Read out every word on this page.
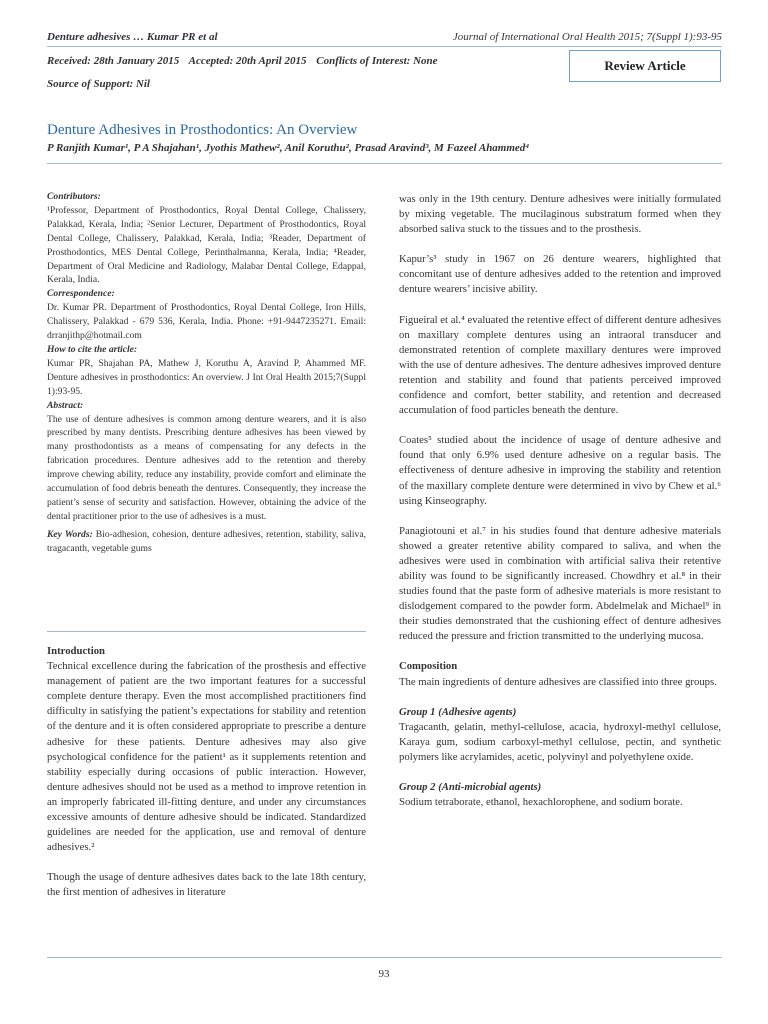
Denture adhesives … Kumar PR et al	Journal of International Oral Health 2015; 7(Suppl 1):93-95
Received: 28th January 2015 Accepted: 20th April 2015 Conflicts of Interest: None
Source of Support: Nil
Review Article
Denture Adhesives in Prosthodontics: An Overview
P Ranjith Kumar¹, P A Shajahan¹, Jyothis Mathew², Anil Koruthu², Prasad Aravind³, M Fazeel Ahammed⁴

Contributors:

¹Professor, Department of Prosthodontics, Royal Dental College, Chalissery, Palakkad, Kerala, India; ²Senior Lecturer, Department of Prosthodontics, Royal Dental College, Chalissery, Palakkad, Kerala, India; ³Reader, Department of Prosthodontics, MES Dental College, Perinthalmanna, Kerala, India; ⁴Reader, Department of Oral Medicine and Radiology, Malabar Dental College, Edappal, Kerala, India.

Correspondence:

Dr. Kumar PR. Department of Prosthodontics, Royal Dental College, Iron Hills, Chalissery, Palakkad - 679 536, Kerala, India. Phone: +91-9447235271. Email: drranjithp@hotmail.com

How to cite the article:

Kumar PR, Shajahan PA, Mathew J, Koruthu A, Aravind P, Ahammed MF. Denture adhesives in prosthodontics: An overview. J Int Oral Health 2015;7(Suppl 1):93-95.

Abstract:

The use of denture adhesives is common among denture wearers, and it is also prescribed by many dentists. Prescribing denture adhesives has been viewed by many prosthodontists as a means of compensating for any defects in the fabrication procedures. Denture adhesives add to the retention and thereby improve chewing ability, reduce any instability, provide comfort and eliminate the accumulation of food debris beneath the dentures. Consequently, they increase the patient’s sense of security and satisfaction. However, obtaining the advice of the dental practitioner prior to the use of adhesives is a must.

Key Words: Bio-adhesion, cohesion, denture adhesives, retention, stability, saliva, tragacanth, vegetable gums

Introduction

Technical excellence during the fabrication of the prosthesis and effective management of patient are the two important features for a successful complete denture therapy. Even the most accomplished practitioners find difficulty in satisfying the patient’s expectations for stability and retention of the denture and it is often considered appropriate to prescribe a denture adhesive for these patients. Denture adhesives may also give psychological confidence for the patient¹ as it supplements retention and stability especially during occasions of public interaction. However, denture adhesives should not be used as a method to improve retention in an improperly fabricated ill-fitting denture, and under any circumstances excessive amounts of denture adhesive should be indicated. Standardized guidelines are needed for the application, use and removal of denture adhesives.²

Though the usage of denture adhesives dates back to the late 18th century, the first mention of adhesives in literature

was only in the 19th century. Denture adhesives were initially formulated by mixing vegetable. The mucilaginous substratum formed when they absorbed saliva stuck to the tissues and to the prosthesis.

Kapur’s³ study in 1967 on 26 denture wearers, highlighted that concomitant use of denture adhesives added to the retention and improved denture wearers’ incisive ability.

Figueiral et al.⁴ evaluated the retentive effect of different denture adhesives on maxillary complete dentures using an intraoral transducer and demonstrated retention of complete maxillary dentures were improved with the use of denture adhesives. The denture adhesives improved denture retention and stability and found that patients perceived improved confidence and comfort, better stability, and retention and decreased accumulation of food particles beneath the denture.

Coates⁵ studied about the incidence of usage of denture adhesive and found that only 6.9% used denture adhesive on a regular basis. The effectiveness of denture adhesive in improving the stability and retention of the maxillary complete denture were determined in vivo by Chew et al.⁶ using Kinseography.

Panagiotouni et al.⁷ in his studies found that denture adhesive materials showed a greater retentive ability compared to saliva, and when the adhesives were used in combination with artificial saliva their retentive ability was found to be significantly increased. Chowdhry et al.⁸ in their studies found that the paste form of adhesive materials is more resistant to dislodgement compared to the powder form. Abdelmelak and Michael⁹ in their studies demonstrated that the cushioning effect of denture adhesives reduced the pressure and friction transmitted to the underlying mucosa.

Composition

The main ingredients of denture adhesives are classified into three groups.

Group 1 (Adhesive agents)

Tragacanth, gelatin, methyl-cellulose, acacia, hydroxyl-methyl cellulose, Karaya gum, sodium carboxyl-methyl cellulose, pectin, and synthetic polymers like acrylamides, acetic, polyvinyl and polyethylene oxide.

Group 2 (Anti-microbial agents)

Sodium tetraborate, ethanol, hexachlorophene, and sodium borate.

93
